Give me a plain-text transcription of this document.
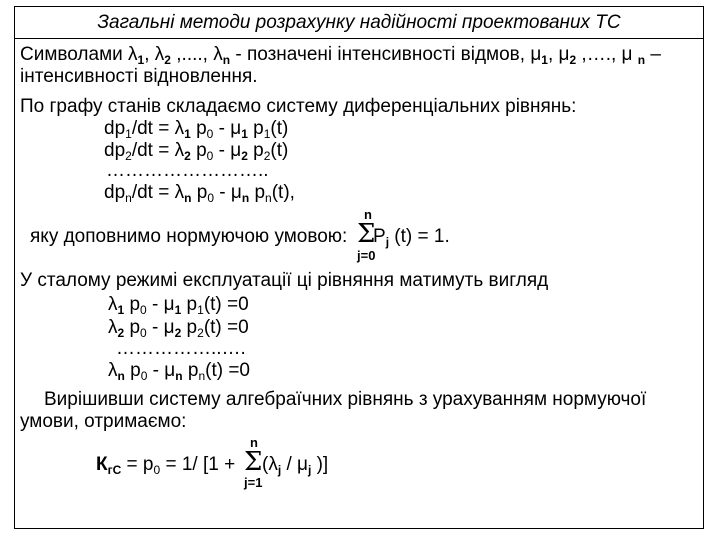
Загальні методи розрахунку надійності проектованих ТС
Символами $\lambda_1$, $\lambda_2$ ,...., $\lambda_n$ - позначені інтенсивності відмов, $\mu_1$, $\mu_2$ ,…., μ $_n$ –
інтенсивності відновлення.
По графу станів складаємо систему диференціальних рівнянь:
$dp_1/dt = \lambda_1$ $p_0 - \mu_1$ $p_1(t)$
$dp_2/dt = \lambda_2$ $p_0 - \mu_2$ $p_2(t)$
……………………..
$dp_n/dt = \lambda_n$ $p_0 - \mu_n$ $p_n(t)$,
n
яку доповнимо нормуючою умовою: Σ
$P_j$ (t) = 1.
j=0
У сталому режимі експлуатації ці рівняння матимуть вигляд
$\lambda_1$ $p_0 - \mu_1$ $p_1(t) =0$
$\lambda_2$ $p_0 - \mu_2$ $p_2(t) =0$
……………..….
$\lambda_n$ $p_0 - \mu_n$ $p_n(t) =0$
Вирішивши систему алгебраїчних рівнянь з урахуванням нормуючої
умови, отримаємо:
n
$К_{гС} = p_0 = 1/$ [1 + Σ ($\lambda_j / \mu_j$ )]
j=1
